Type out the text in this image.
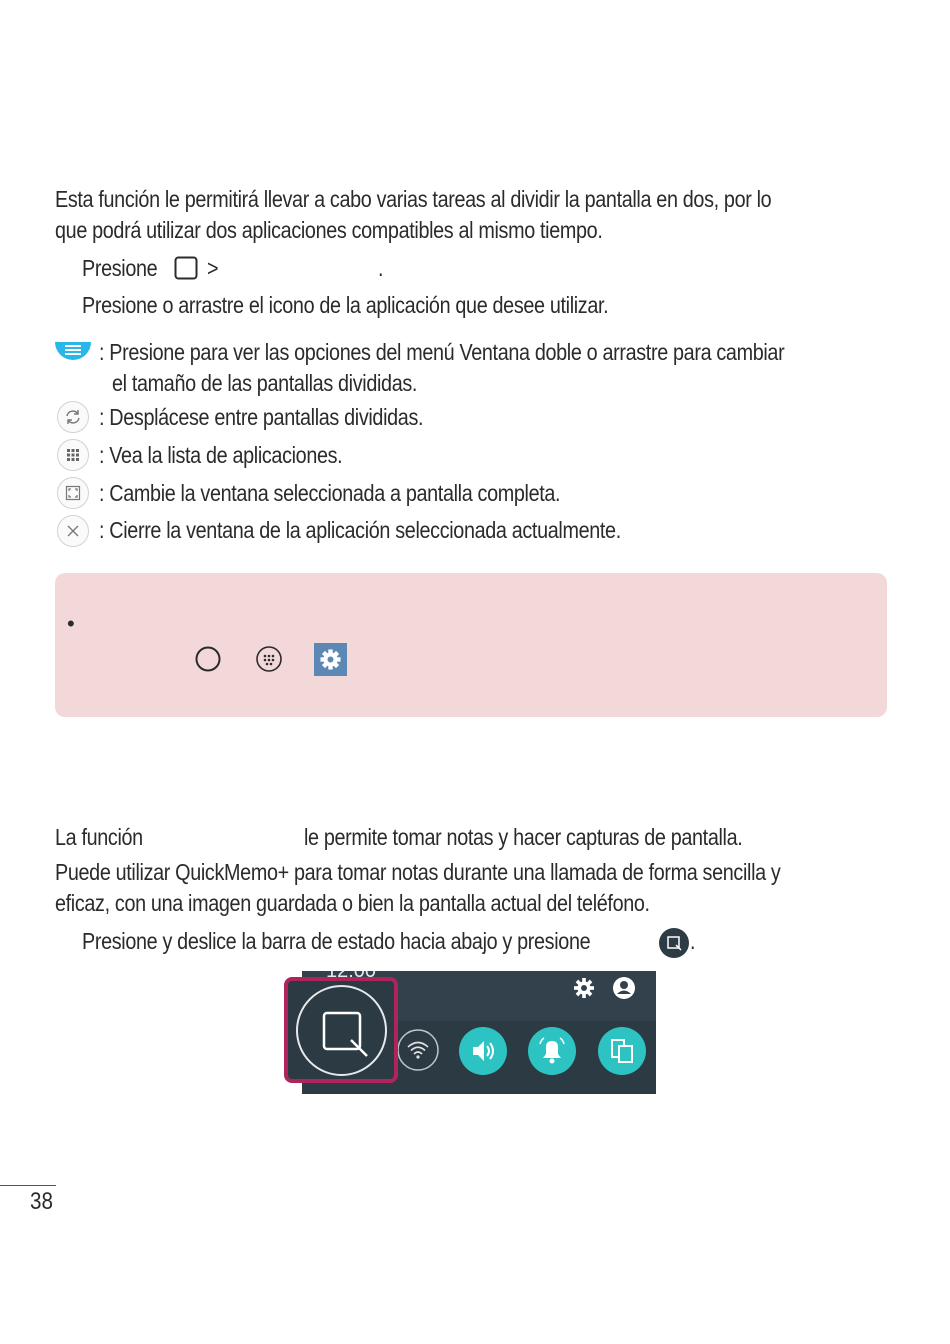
Esta función le permitirá llevar a cabo varias tareas al dividir la pantalla en dos, por lo
que podrá utilizar dos aplicaciones compatibles al mismo tiempo.
Presione >	.
Presione o arrastre el icono de la aplicación que desee utilizar.
: Presione para ver las opciones del menú Ventana doble o arrastre para cambiar
el tamaño de las pantallas divididas.
: Desplácese entre pantallas divididas.
: Vea la lista de aplicaciones.
: Cambie la ventana seleccionada a pantalla completa.
: Cierre la ventana de la aplicación seleccionada actualmente.
•
La función	le permite tomar notas y hacer capturas de pantalla.
Puede utilizar QuickMemo+ para tomar notas durante una llamada de forma sencilla y
eficaz, con una imagen guardada o bien la pantalla actual del teléfono.
Presione y deslice la barra de estado hacia abajo y presione	.
38
